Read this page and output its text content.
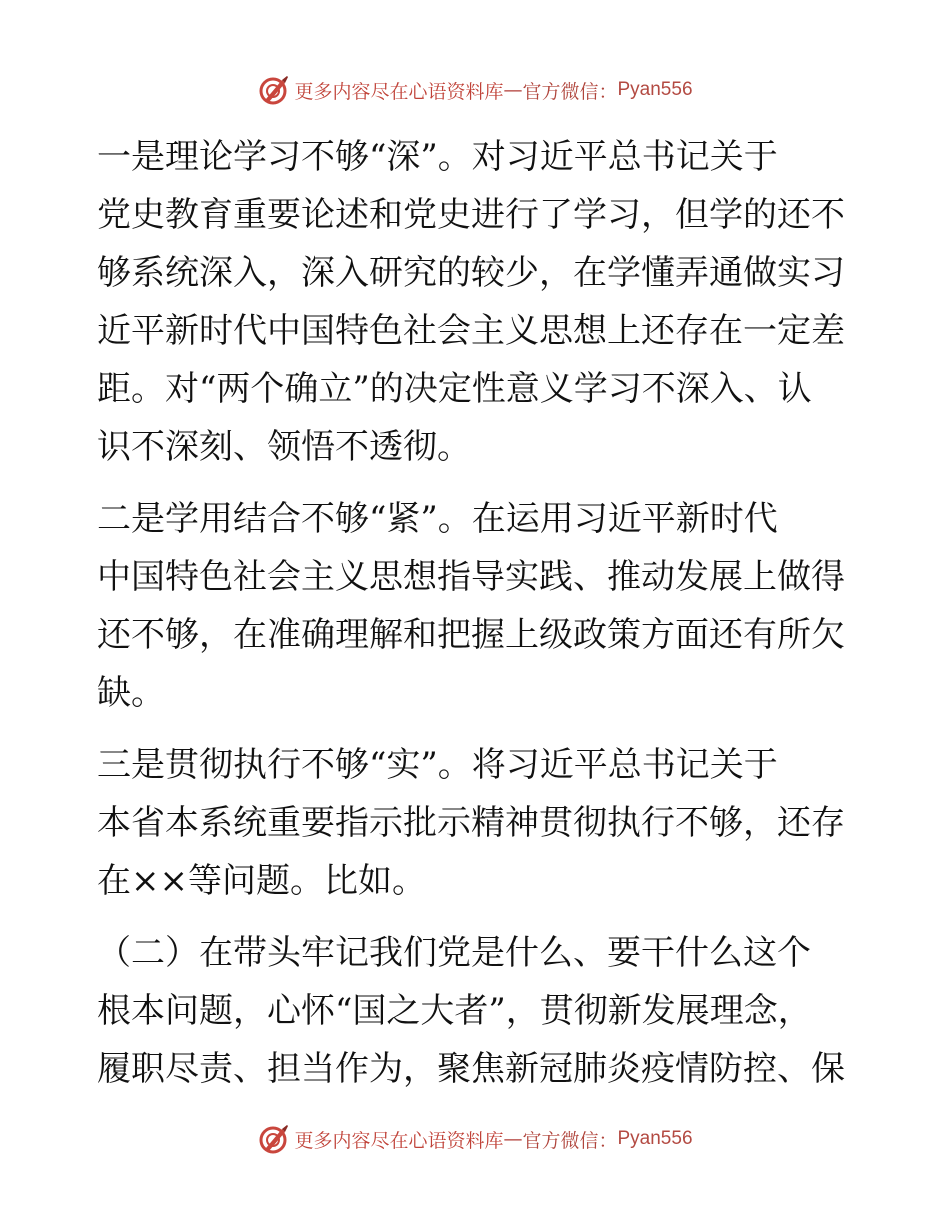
更多内容尽在心语资料库 — 官方微信： Pyan556
一是理论学习不够“深”。对习近平总书记关于
党史教育重要论述和党史进行了学习，但学的还不
够系统深入，深入研究的较少，在学懂弄通做实习
近平新时代中国特色社会主义思想上还存在一定差
距。对“两个确立”的决定性意义学习不深入、认
识不深刻、领悟不透彻。
二是学用结合不够“紧”。在运用习近平新时代
中国特色社会主义思想指导实践、推动发展上做得
还不够，在准确理解和把握上级政策方面还有所欠
缺。
三是贯彻执行不够“实”。将习近平总书记关于
本省本系统重要指示批示精神贯彻执行不够，还存
在××等问题。比如。
（二）在带头牢记我们党是什么、要干什么这个
根本问题，心怀“国之大者”，贯彻新发展理念，
履职尽责、担当作为，聚焦新冠肺炎疫情防控、保
更多内容尽在心语资料库 — 官方微信： Pyan556
